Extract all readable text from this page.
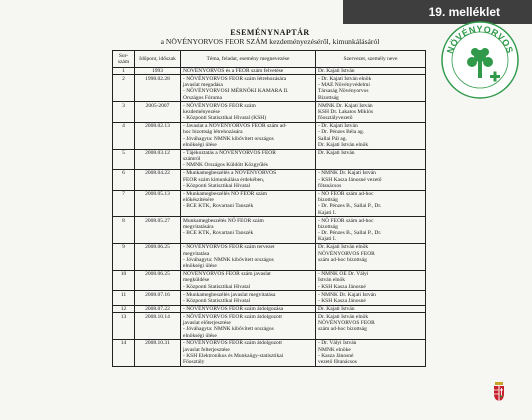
19. melléklet
ESEMÉNYNAPTÁR
a NÖVÉNYORVOS FEOR SZÁM kezdeményezéséről, kimunkálásáról
NÖVÉNYORVOS
Sor-szám	Időpont, időszak	Téma, feladat, esemény megnevezése	Szervezet, személy neve
1	1993	NÖVÉNYORVOS és a FEOR szám felvetése	Dr. Kajati István
2	1998.02.28	- NÖVÉNYORVOS FEOR szám létrehozására
javaslat megadása
- NÖVÉNYORVOSI MÉRNÖKI KAMARA II.
Országos Fóruma	- Dr. Kajati István elnök
- MAE Növényvédelmi
Társaság Növényorvos
Bizottság
3	2005-2007	- NÖVÉNYORVOS FEOR szám
kezdeményezése
- Központi Statisztikai Hivatal (KSH)	NMNK Dr. Kajati István
KSH Dr. Lakatos Miklós
főosztályvezető
4	2008.02.13	- Javaslat a NÖVÉNYORVOS FEOR szám ad-
hoc bizottság létrehozására
- Jóváhagyta: NMNK kibővített országos
elnökségi ülése	- Dr. Kajati István
- Dr. Pénzes Béla ag.
Sallai Pál ag.
Dr. Kajati István elnök
5	2008.03.12	- Tájékoztatás a NÖVÉNYORVOS FEOR
számról
- NMNK Országos Küldött Közgyűlés	Dr. Kajati István
6	2008.04.22	- Munkamegbeszélés a NÖVÉNYORVOS
FEOR szám kimunkálása érdekében,
- Központi Statisztikai Hivatal	- NMNK Dr. Kajati István
- KSH Kasza Jánosné vezető
főtanácsos
7	2008.05.13	- Munkamegbeszélés NÖ FEOR szám
előkészítésére
- BCE KTK, Rovartani Tanszék	- NÖ FEOR szám ad-hoc
bizottság
- Dr. Pénzes B., Sallai P., Dr.
Kajati I.
8	2008.05.27	Munkamegbeszélés NÖ FEOR szám
megvitatására
- BCE KTK, Rovartani Tanszék	- NÖ FEOR szám ad-hoc
bizottság
- Dr. Pénzes B., Sallai P., Dr.
Kajati I.
9	2008.06.25	- NÖVÉNYORVOS FEOR szám tervezet
megvitatása
- Jóváhagyta: NMNK kibővített országos
elnökségi ülése	Dr. Kajati István elnök
NÖVÉNYORVOS FEOR
szám ad-hoc bizottság
10	2008.06.25	NÖVÉNYORVOS FEOR szám javaslat
megküldése
- Központi Statisztikai Hivatal	- NMNK OE Dr. Vályi
István elnök
- KSH Kasza Jánosné
11	2008.07.16	- Munkamegbeszélés javaslat megvitatása
- Központi Statisztikai Hivatal	- NMNK Dr. Kajati István
- KSH Kasza Jánosné
12	2008.07.22	- NÖVÉNYORVOS FEOR szám átdolgozása	Dr. Kajati István
13	2008.10.14	- NÖVÉNYORVOS FEOR szám átdolgozott
javaslat előterjesztése
- Jóváhagyta: NMNK kibővített országos
elnökségi ülése	Dr. Kajati István elnök
NÖVÉNYORVOS FEOR
szám ad-hoc bizottság
14	2008.10.31	- NÖVÉNYORVOS FEOR szám átdolgozott
javaslat felterjesztése
- KSH Elektronikus és Munkaügy-statisztikai
Főosztály	- Dr. Vályi István
NMNK elnöke
- Kasza Jánosné
vezető főtanácsos
